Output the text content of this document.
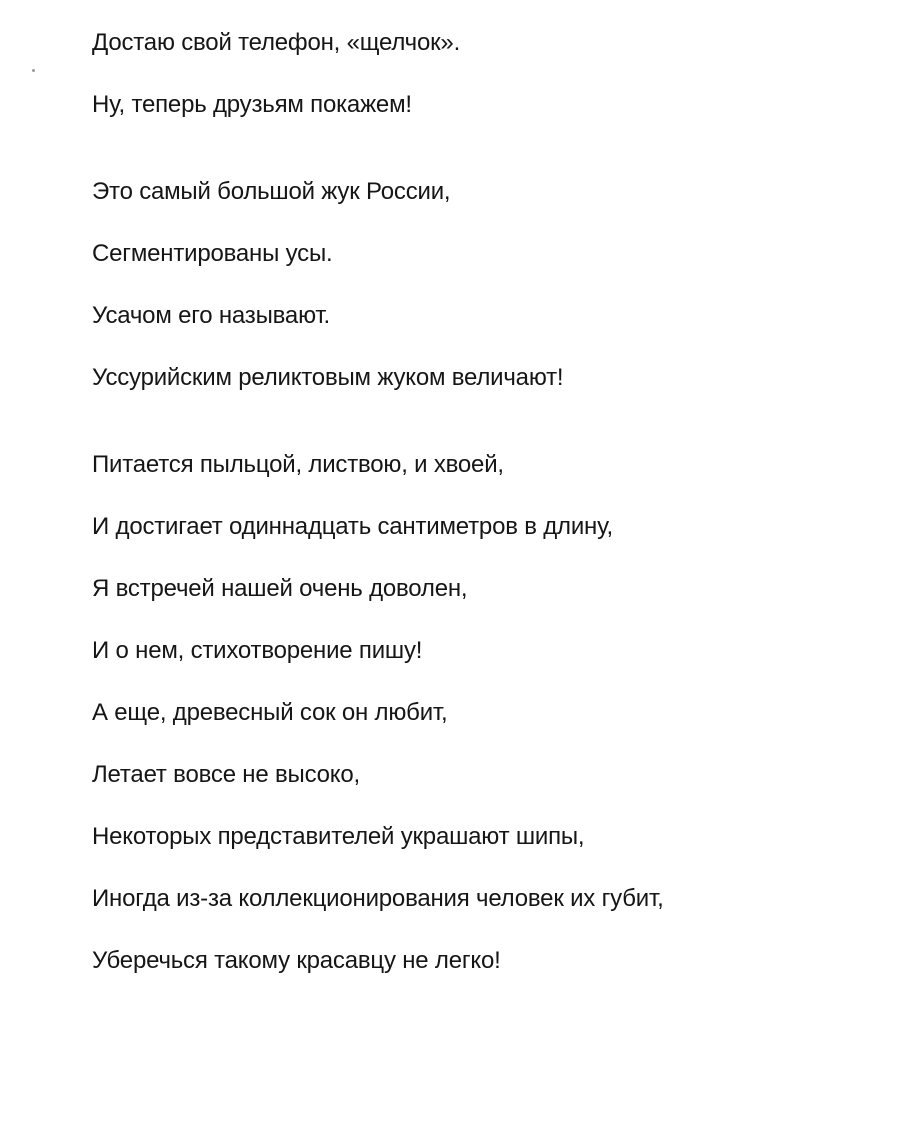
Достаю свой телефон, «щелчок».

Ну, теперь друзьям покажем!

Это самый большой жук России,

Сегментированы усы.

Усачом его называют.

Уссурийским реликтовым жуком величают!

Питается пыльцой, листвою, и хвоей,

И достигает одиннадцать сантиметров в длину,

Я встречей нашей очень доволен,

И о нем, стихотворение пишу!

А еще, древесный сок он любит,

Летает вовсе не высоко,

Некоторых представителей украшают шипы,

Иногда из-за коллекционирования человек их губит,

Уберечься такому красавцу не легко!
